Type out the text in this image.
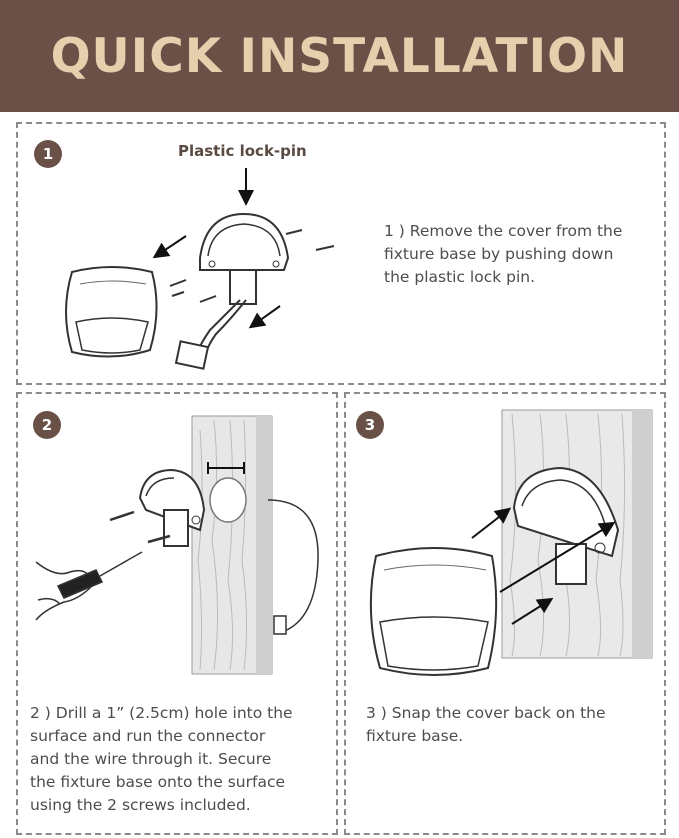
QUICK INSTALLATION
1	Plastic lock-pin
1 ) Remove the cover from the
fixture base by pushing down
the plastic lock pin.
2
2 ) Drill a 1” (2.5cm) hole into the
surface and run the connector
and the wire through it. Secure
the fixture base onto the surface
using the 2 screws included.
3
3 ) Snap the cover back on the
fixture base.
